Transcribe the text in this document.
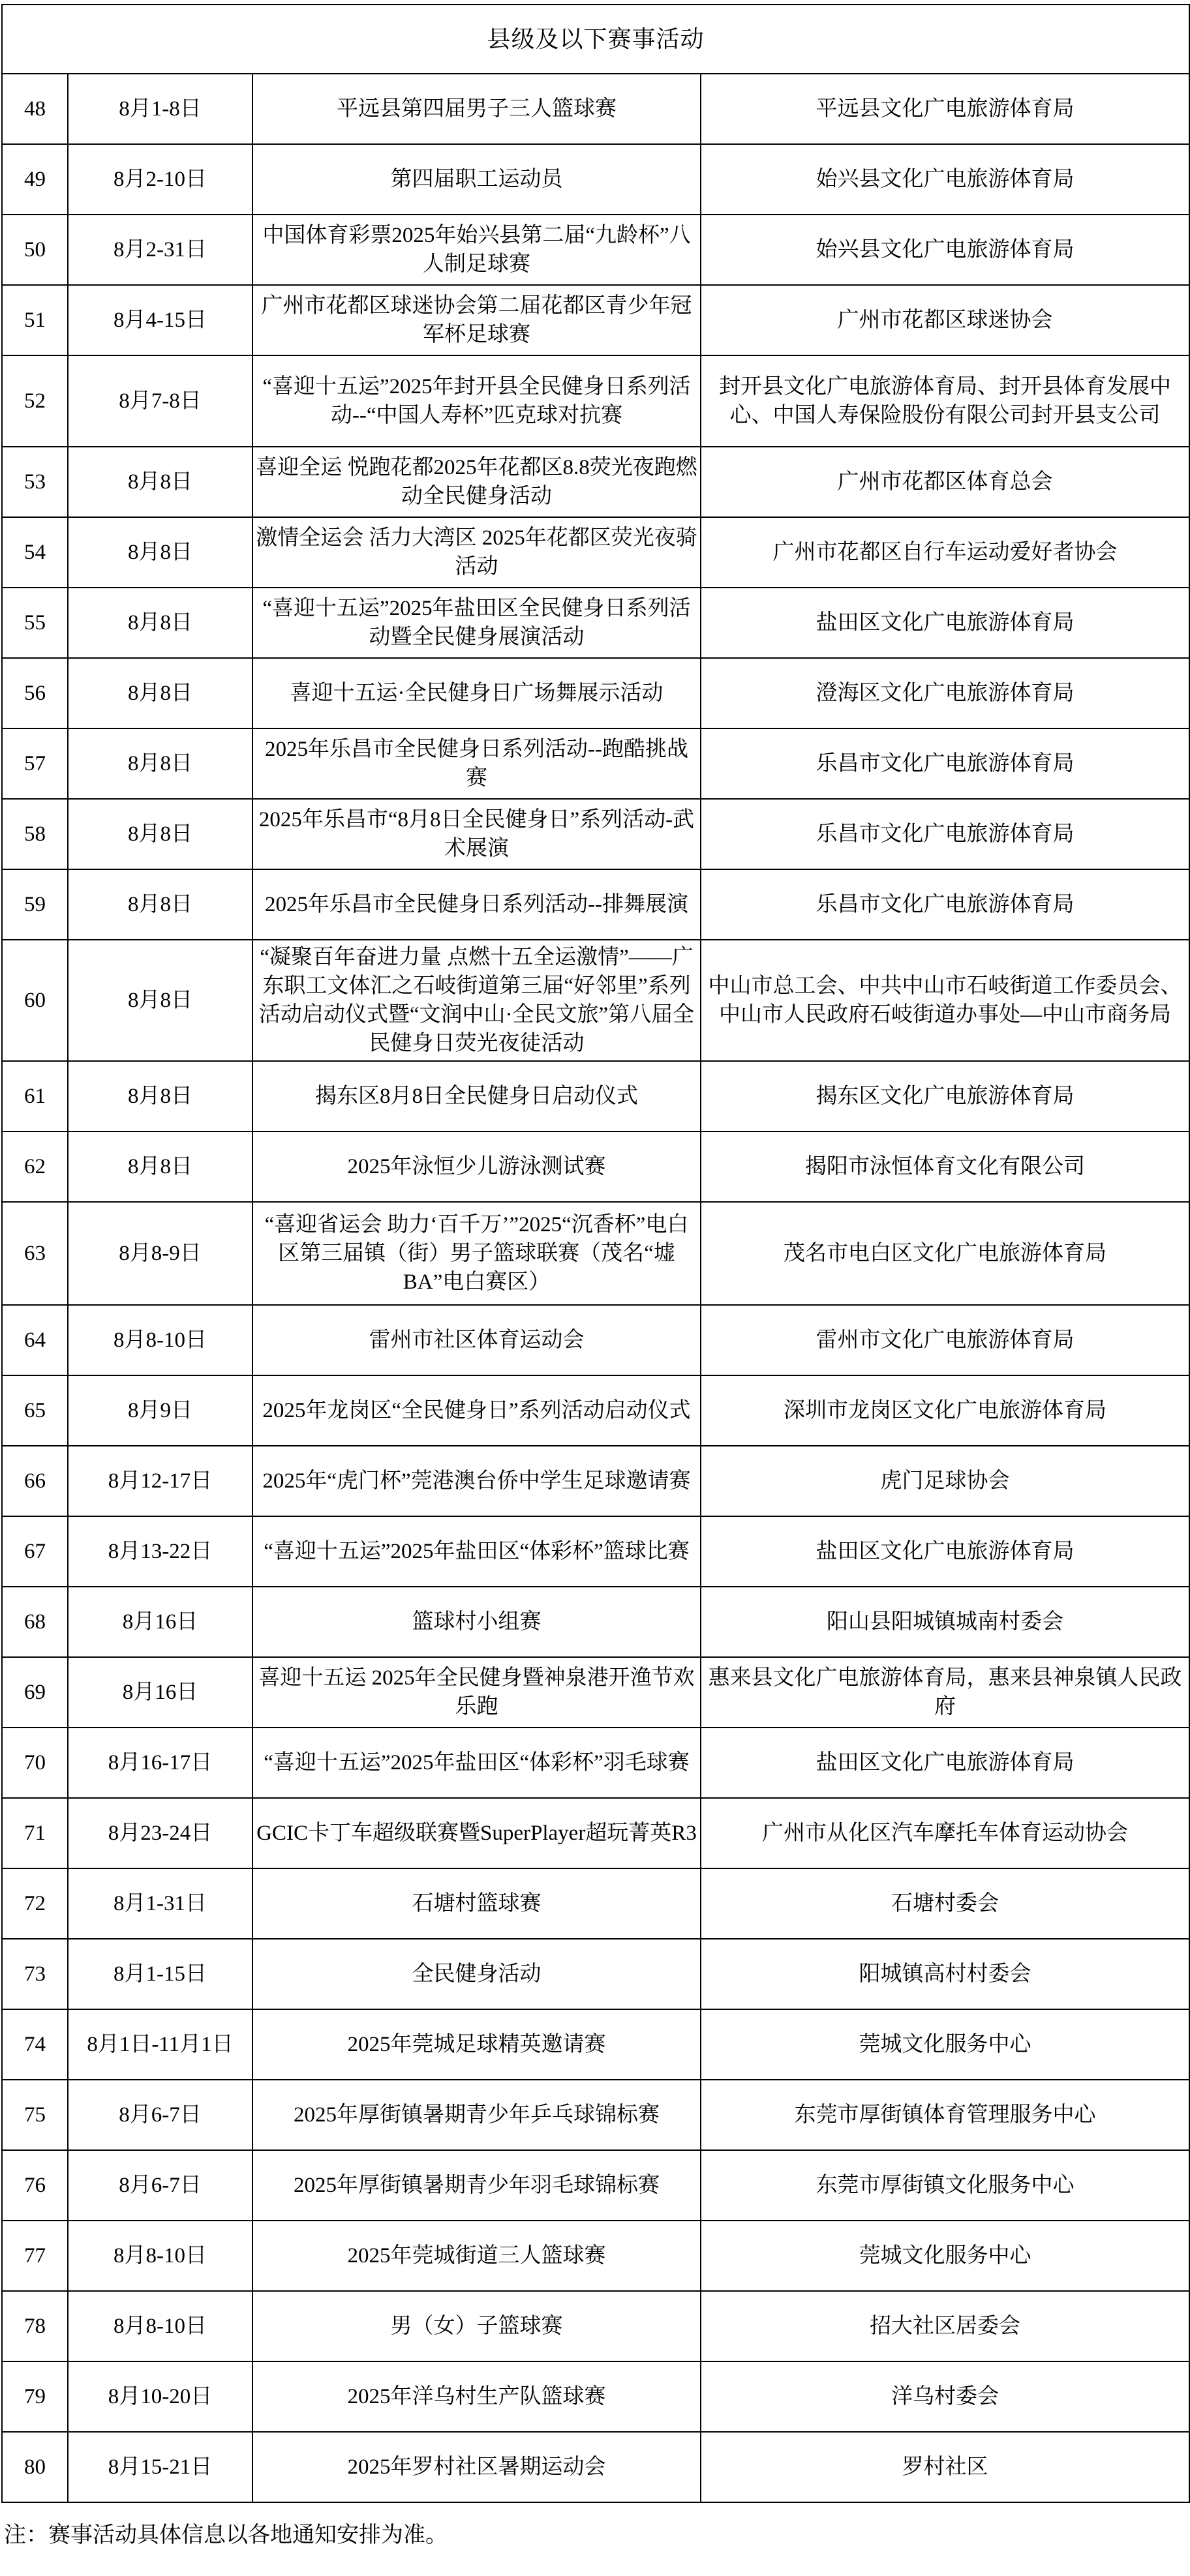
县级及以下赛事活动			
48	8月1-8日	平远县第四届男子三人篮球赛	平远县文化广电旅游体育局
49	8月2-10日	第四届职工运动员	始兴县文化广电旅游体育局
50	8月2-31日	中国体育彩票2025年始兴县第二届“九龄杯”八人制足球赛	始兴县文化广电旅游体育局
51	8月4-15日	广州市花都区球迷协会第二届花都区青少年冠军杯足球赛	广州市花都区球迷协会
52	8月7-8日	“喜迎十五运”2025年封开县全民健身日系列活动--“中国人寿杯”匹克球对抗赛	封开县文化广电旅游体育局、封开县体育发展中心、中国人寿保险股份有限公司封开县支公司
53	8月8日	喜迎全运 悦跑花都2025年花都区8.8荧光夜跑燃动全民健身活动	广州市花都区体育总会
54	8月8日	激情全运会 活力大湾区 2025年花都区荧光夜骑活动	广州市花都区自行车运动爱好者协会
55	8月8日	“喜迎十五运”2025年盐田区全民健身日系列活动暨全民健身展演活动	盐田区文化广电旅游体育局
56	8月8日	喜迎十五运·全民健身日广场舞展示活动	澄海区文化广电旅游体育局
57	8月8日	2025年乐昌市全民健身日系列活动--跑酷挑战赛	乐昌市文化广电旅游体育局
58	8月8日	2025年乐昌市“8月8日全民健身日”系列活动-武术展演	乐昌市文化广电旅游体育局
59	8月8日	2025年乐昌市全民健身日系列活动--排舞展演	乐昌市文化广电旅游体育局
60	8月8日	“凝聚百年奋进力量 点燃十五全运激情”——广东职工文体汇之石岐街道第三届“好邻里”系列活动启动仪式暨“文润中山·全民文旅”第八届全民健身日荧光夜徒活动	中山市总工会、中共中山市石岐街道工作委员会、中山市人民政府石岐街道办事处—中山市商务局
61	8月8日	揭东区8月8日全民健身日启动仪式	揭东区文化广电旅游体育局
62	8月8日	2025年泳恒少儿游泳测试赛	揭阳市泳恒体育文化有限公司
63	8月8-9日	“喜迎省运会 助力‘百千万’”2025“沉香杯”电白区第三届镇（街）男子篮球联赛（茂名“墟BA”电白赛区）	茂名市电白区文化广电旅游体育局
64	8月8-10日	雷州市社区体育运动会	雷州市文化广电旅游体育局
65	8月9日	2025年龙岗区“全民健身日”系列活动启动仪式	深圳市龙岗区文化广电旅游体育局
66	8月12-17日	2025年“虎门杯”莞港澳台侨中学生足球邀请赛	虎门足球协会
67	8月13-22日	“喜迎十五运”2025年盐田区“体彩杯”篮球比赛	盐田区文化广电旅游体育局
68	8月16日	篮球村小组赛	阳山县阳城镇城南村委会
69	8月16日	喜迎十五运 2025年全民健身暨神泉港开渔节欢乐跑	惠来县文化广电旅游体育局，惠来县神泉镇人民政府
70	8月16-17日	“喜迎十五运”2025年盐田区“体彩杯”羽毛球赛	盐田区文化广电旅游体育局
71	8月23-24日	GCIC卡丁车超级联赛暨SuperPlayer超玩菁英R3	广州市从化区汽车摩托车体育运动协会
72	8月1-31日	石塘村篮球赛	石塘村委会
73	8月1-15日	全民健身活动	阳城镇高村村委会
74	8月1日-11月1日	2025年莞城足球精英邀请赛	莞城文化服务中心
75	8月6-7日	2025年厚街镇暑期青少年乒乓球锦标赛	东莞市厚街镇体育管理服务中心
76	8月6-7日	2025年厚街镇暑期青少年羽毛球锦标赛	东莞市厚街镇文化服务中心
77	8月8-10日	2025年莞城街道三人篮球赛	莞城文化服务中心
78	8月8-10日	男（女）子篮球赛	招大社区居委会
79	8月10-20日	2025年洋乌村生产队篮球赛	洋乌村委会
80	8月15-21日	2025年罗村社区暑期运动会	罗村社区

注：赛事活动具体信息以各地通知安排为准。
